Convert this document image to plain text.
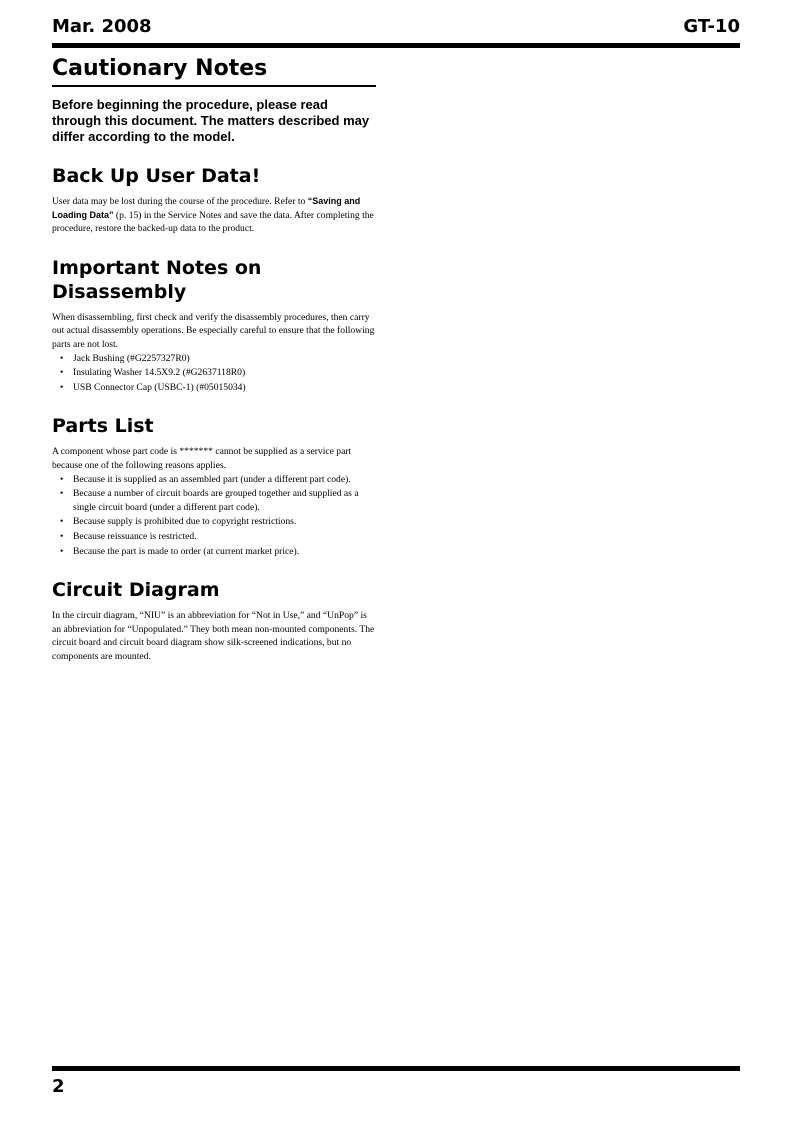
Mar. 2008	GT-10
Cautionary Notes

Before beginning the procedure, please read through this document. The matters described may differ according to the model.

Back Up User Data!

User data may be lost during the course of the procedure. Refer to “Saving and Loading Data” (p. 15) in the Service Notes and save the data. After completing the procedure, restore the backed-up data to the product.

Important Notes on Disassembly

When disassembling, first check and verify the disassembly procedures, then carry out actual disassembly operations. Be especially careful to ensure that the following parts are not lost.

• Jack Bushing (#G2257327R0)
• Insulating Washer 14.5X9.2 (#G2637118R0)
• USB Connector Cap (USBC-1) (#05015034)
Parts List

A component whose part code is ******* cannot be supplied as a service part because one of the following reasons applies.

• Because it is supplied as an assembled part (under a different part code).
• Because a number of circuit boards are grouped together and supplied as a single circuit board (under a different part code).
• Because supply is prohibited due to copyright restrictions.
• Because reissuance is restricted.
• Because the part is made to order (at current market price).
Circuit Diagram

In the circuit diagram, “NIU” is an abbreviation for “Not in Use,” and “UnPop” is an abbreviation for “Unpopulated.” They both mean non-mounted components. The circuit board and circuit board diagram show silk-screened indications, but no components are mounted.

2
